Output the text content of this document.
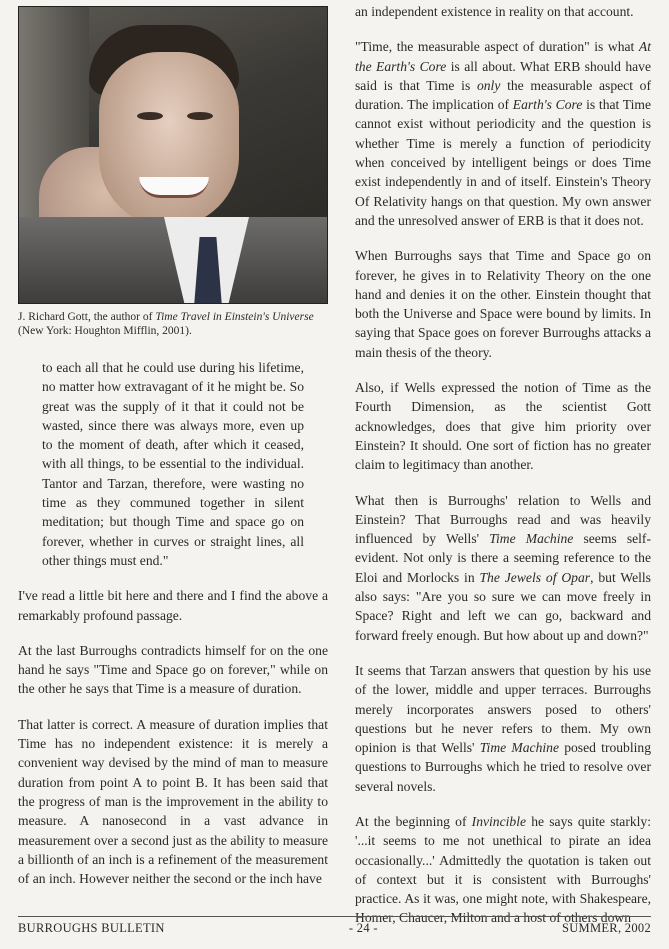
J. Richard Gott, the author of Time Travel in Einstein's Universe (New York: Houghton Mifflin, 2001).

to each all that he could use during his lifetime, no matter how extravagant of it he might be. So great was the supply of it that it could not be wasted, since there was always more, even up to the moment of death, after which it ceased, with all things, to be essential to the individual. Tantor and Tarzan, therefore, were wasting no time as they communed together in silent meditation; but though Time and space go on forever, whether in curves or straight lines, all other things must end."

I've read a little bit here and there and I find the above a remarkably profound passage.

At the last Burroughs contradicts himself for on the one hand he says "Time and Space go on forever," while on the other he says that Time is a measure of duration.

That latter is correct. A measure of duration implies that Time has no independent existence: it is merely a convenient way devised by the mind of man to measure duration from point A to point B. It has been said that the progress of man is the improvement in the ability to measure. A nanosecond in a vast advance in measurement over a second just as the ability to measure a billionth of an inch is a refinement of the measurement of an inch. However neither the second or the inch have

an independent existence in reality on that account.

"Time, the measurable aspect of duration" is what At the Earth's Core is all about. What ERB should have said is that Time is only the measurable aspect of duration. The implication of Earth's Core is that Time cannot exist without periodicity and the question is whether Time is merely a function of periodicity when conceived by intelligent beings or does Time exist independently in and of itself. Einstein's Theory Of Relativity hangs on that question. My own answer and the unresolved answer of ERB is that it does not.

When Burroughs says that Time and Space go on forever, he gives in to Relativity Theory on the one hand and denies it on the other. Einstein thought that both the Universe and Space were bound by limits. In saying that Space goes on forever Burroughs attacks a main thesis of the theory.

Also, if Wells expressed the notion of Time as the Fourth Dimension, as the scientist Gott acknowledges, does that give him priority over Einstein? It should. One sort of fiction has no greater claim to legitimacy than another.

What then is Burroughs' relation to Wells and Einstein? That Burroughs read and was heavily influenced by Wells' Time Machine seems self-evident. Not only is there a seeming reference to the Eloi and Morlocks in The Jewels of Opar, but Wells also says: "Are you so sure we can move freely in Space? Right and left we can go, backward and forward freely enough. But how about up and down?"

It seems that Tarzan answers that question by his use of the lower, middle and upper terraces. Burroughs merely incorporates answers posed to others' questions but he never refers to them. My own opinion is that Wells' Time Machine posed troubling questions to Burroughs which he tried to resolve over several novels.

At the beginning of Invincible he says quite starkly: '...it seems to me not unethical to pirate an idea occasionally...' Admittedly the quotation is taken out of context but it is consistent with Burroughs' practice. As it was, one might note, with Shakespeare, Homer, Chaucer, Milton and a host of others down

BURROUGHS BULLETIN	- 24 -	SUMMER, 2002
